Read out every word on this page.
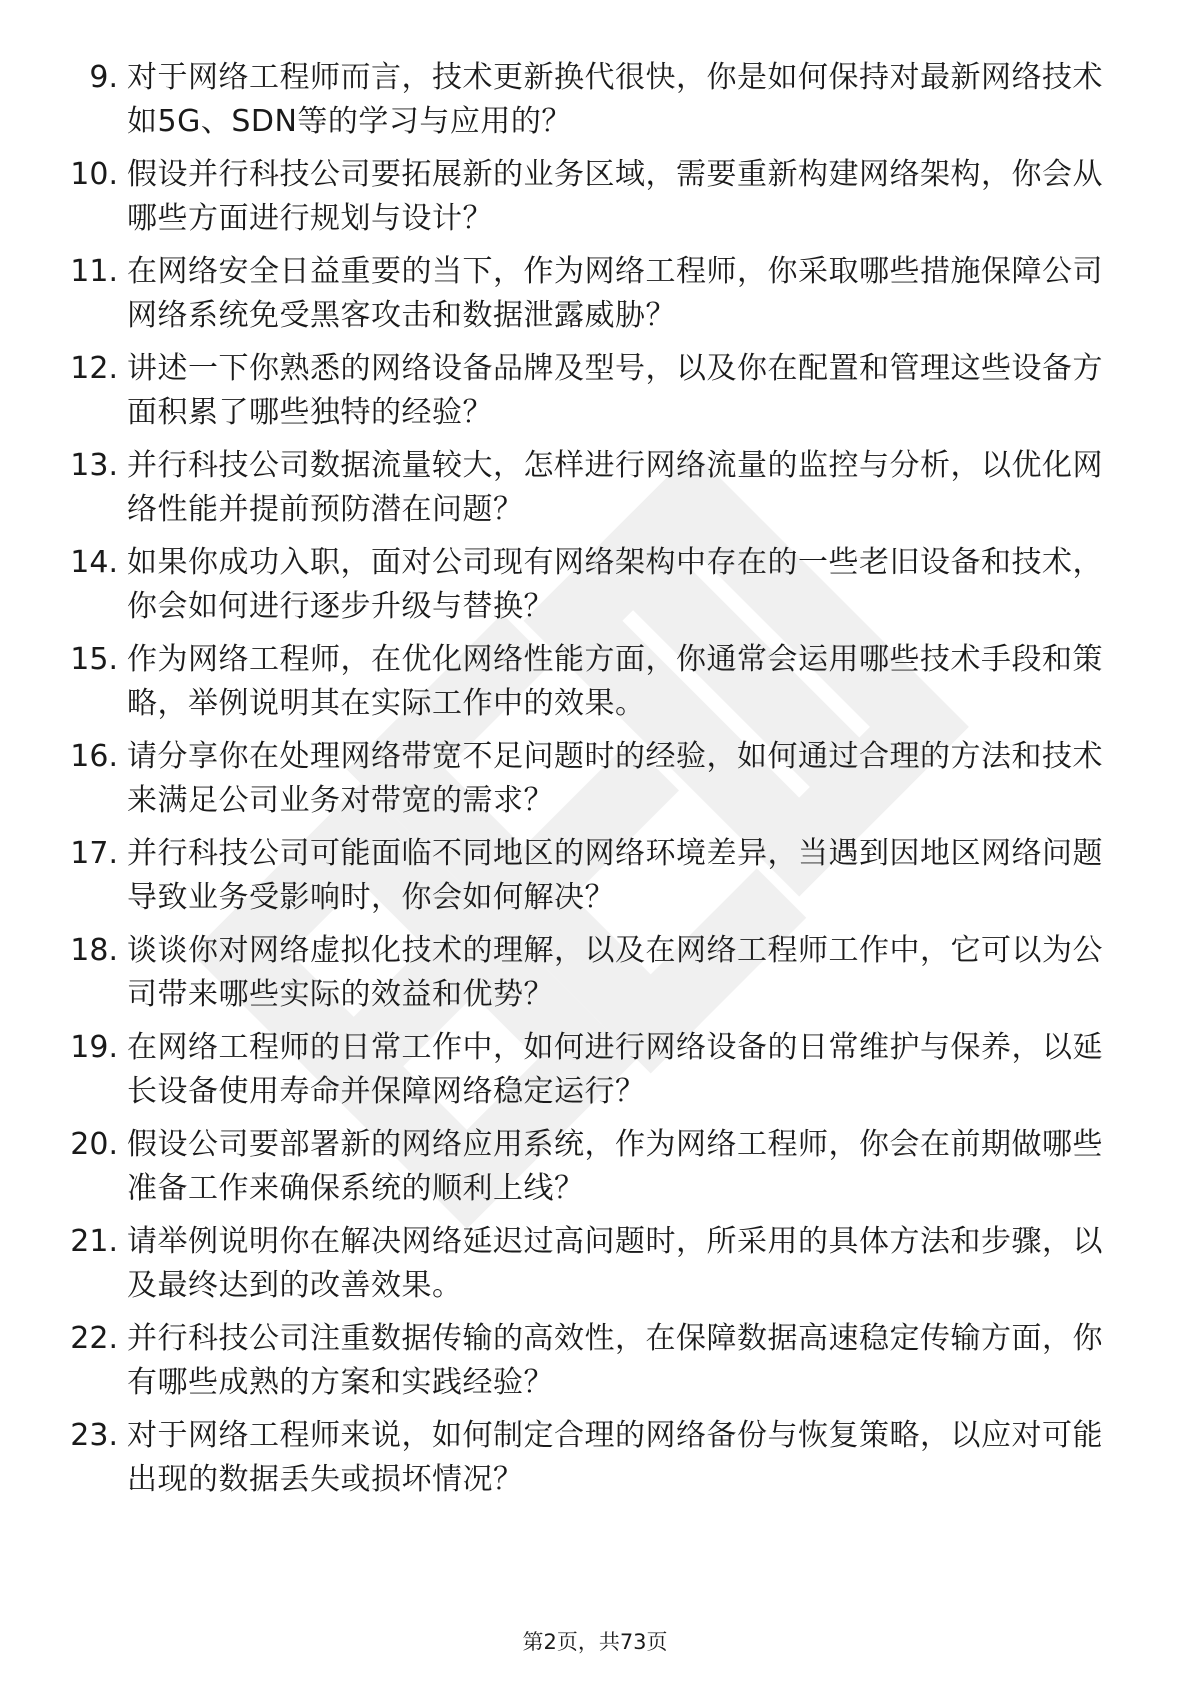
9. 对于网络工程师而言，技术更新换代很快，你是如何保持对最新网络技术如5G、SDN等的学习与应用的？
10. 假设并行科技公司要拓展新的业务区域，需要重新构建网络架构，你会从哪些方面进行规划与设计？
11. 在网络安全日益重要的当下，作为网络工程师，你采取哪些措施保障公司网络系统免受黑客攻击和数据泄露威胁？
12. 讲述一下你熟悉的网络设备品牌及型号，以及你在配置和管理这些设备方面积累了哪些独特的经验？
13. 并行科技公司数据流量较大，怎样进行网络流量的监控与分析，以优化网络性能并提前预防潜在问题？
14. 如果你成功入职，面对公司现有网络架构中存在的一些老旧设备和技术，你会如何进行逐步升级与替换？
15. 作为网络工程师，在优化网络性能方面，你通常会运用哪些技术手段和策略，举例说明其在实际工作中的效果。
16. 请分享你在处理网络带宽不足问题时的经验，如何通过合理的方法和技术来满足公司业务对带宽的需求？
17. 并行科技公司可能面临不同地区的网络环境差异，当遇到因地区网络问题导致业务受影响时，你会如何解决？
18. 谈谈你对网络虚拟化技术的理解，以及在网络工程师工作中，它可以为公司带来哪些实际的效益和优势？
19. 在网络工程师的日常工作中，如何进行网络设备的日常维护与保养，以延长设备使用寿命并保障网络稳定运行？
20. 假设公司要部署新的网络应用系统，作为网络工程师，你会在前期做哪些准备工作来确保系统的顺利上线？
21. 请举例说明你在解决网络延迟过高问题时，所采用的具体方法和步骤，以及最终达到的改善效果。
22. 并行科技公司注重数据传输的高效性，在保障数据高速稳定传输方面，你有哪些成熟的方案和实践经验？
23. 对于网络工程师来说，如何制定合理的网络备份与恢复策略，以应对可能出现的数据丢失或损坏情况？
第2页，共73页
